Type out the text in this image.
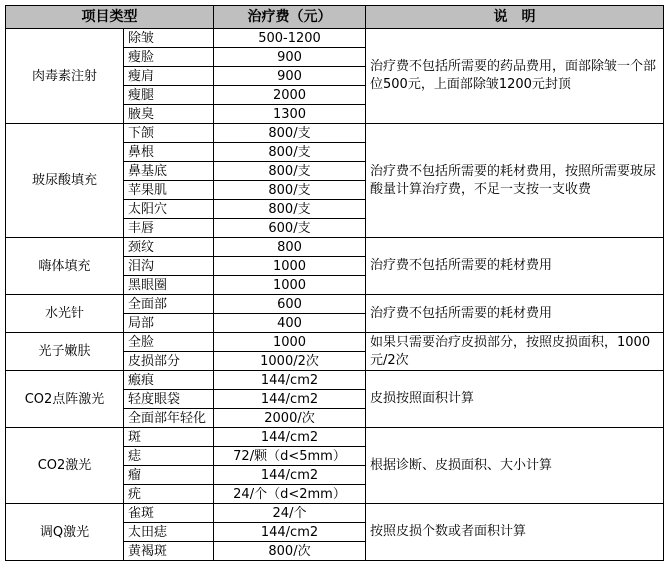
项目类型		治疗费（元）	说　明
肉毒素注射	除皱	500-1200	治疗费不包括所需要的药品费用，面部除皱一个部位500元，上面部除皱1200元封顶
	瘦脸	900	
	瘦肩	900	
	瘦腿	2000	
	腋臭	1300	
玻尿酸填充	下颌	800/支	治疗费不包括所需要的耗材费用，按照所需要玻尿酸量计算治疗费，不足一支按一支收费
	鼻根	800/支	
	鼻基底	800/支	
	苹果肌	800/支	
	太阳穴	800/支	
	丰唇	600/支	
嗨体填充	颈纹	800	治疗费不包括所需要的耗材费用
	泪沟	1000	
	黑眼圈	1000	
水光针	全面部	600	治疗费不包括所需要的耗材费用
	局部	400	
光子嫩肤	全脸	1000	如果只需要治疗皮损部分，按照皮损面积，1000元/2次
	皮损部分	1000/2次	
CO2点阵激光	瘢痕	144/cm2	皮损按照面积计算
	轻度眼袋	144/cm2	
	全面部年轻化	2000/次	
CO2激光	斑	144/cm2	根据诊断、皮损面积、大小计算
	痣	72/颗（d<5mm）	
	瘤	144/cm2	
	疣	24/个（d<2mm）	
调Q激光	雀斑	24/个	按照皮损个数或者面积计算
	太田痣	144/cm2	
	黄褐斑	800/次	
